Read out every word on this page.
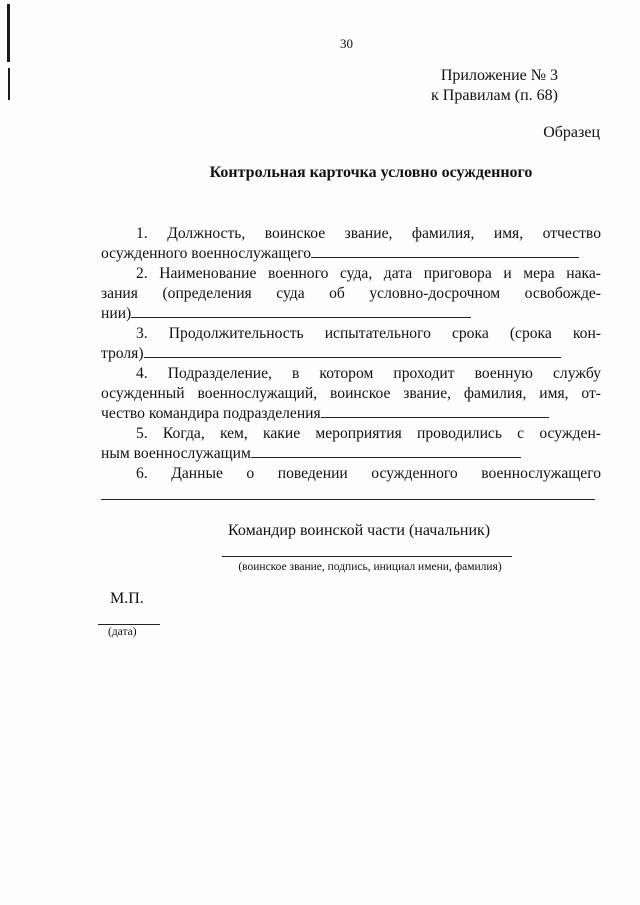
30
Приложение № 3
к Правилам (п. 68)
Образец
Контрольная карточка условно осужденного
1. Должность, воинское звание, фамилия, имя, отчество
осужденного военнослужащего
2. Наименование военного суда, дата приговора и мера нака-
зания (определения суда об условно-досрочном освобожде-
нии)
3. Продолжительность испытательного срока (срока кон-
троля)
4. Подразделение, в котором проходит военную службу
осужденный военнослужащий, воинское звание, фамилия, имя, от-
чество командира подразделения
5. Когда, кем, какие мероприятия проводились с осужден-
ным военнослужащим
6. Данные о поведении осужденного военнослужащего
Командир воинской части (начальник)
(воинское звание, подпись, инициал имени, фамилия)
М.П.
(дата)
